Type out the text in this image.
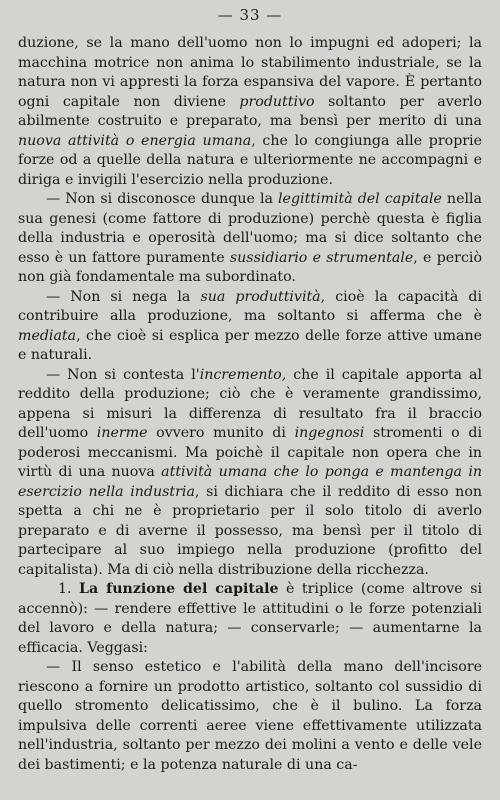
— 33 —

duzione, se la mano dell'uomo non lo impugni ed adoperi; la macchina motrice non anima lo stabilimento industriale, se la natura non vi appresti la forza espansiva del vapore. È pertanto ogni capitale non diviene produttivo soltanto per averlo abilmente costruito e preparato, ma bensì per merito di una nuova attività o energia umana, che lo congiunga alle proprie forze od a quelle della natura e ulteriormente ne accompagni e diriga e invigili l'esercizio nella produzione.

— Non si disconosce dunque la legittimità del capitale nella sua genesi (come fattore di produzione) perchè questa è figlia della industria e operosità dell'uomo; ma si dice soltanto che esso è un fattore puramente sussidiario e strumentale, e perciò non già fondamentale ma subordinato.

— Non si nega la sua produttività, cioè la capacità di contribuire alla produzione, ma soltanto si afferma che è mediata, che cioè si esplica per mezzo delle forze attive umane e naturali.

— Non si contesta l'incremento, che il capitale apporta al reddito della produzione; ciò che è veramente grandissimo, appena si misuri la differenza di resultato fra il braccio dell'uomo inerme ovvero munito di ingegnosi stromenti o di poderosi meccanismi. Ma poichè il capitale non opera che in virtù di una nuova attività umana che lo ponga e mantenga in esercizio nella industria, si dichiara che il reddito di esso non spetta a chi ne è proprietario per il solo titolo di averlo preparato e di averne il possesso, ma bensì per il titolo di partecipare al suo impiego nella produzione (profitto del capitalista). Ma di ciò nella distribuzione della ricchezza.

1. La funzione del capitale è triplice (come altrove si accennò): — rendere effettive le attitudini o le forze potenziali del lavoro e della natura; — conservarle; — aumentarne la efficacia. Veggasi:

— Il senso estetico e l'abilità della mano dell'incisore riescono a fornire un prodotto artistico, soltanto col sussidio di quello stromento delicatissimo, che è il bulino. La forza impulsiva delle correnti aeree viene effettivamente utilizzata nell'industria, soltanto per mezzo dei molini a vento e delle vele dei bastimenti; e la potenza naturale di una ca-
